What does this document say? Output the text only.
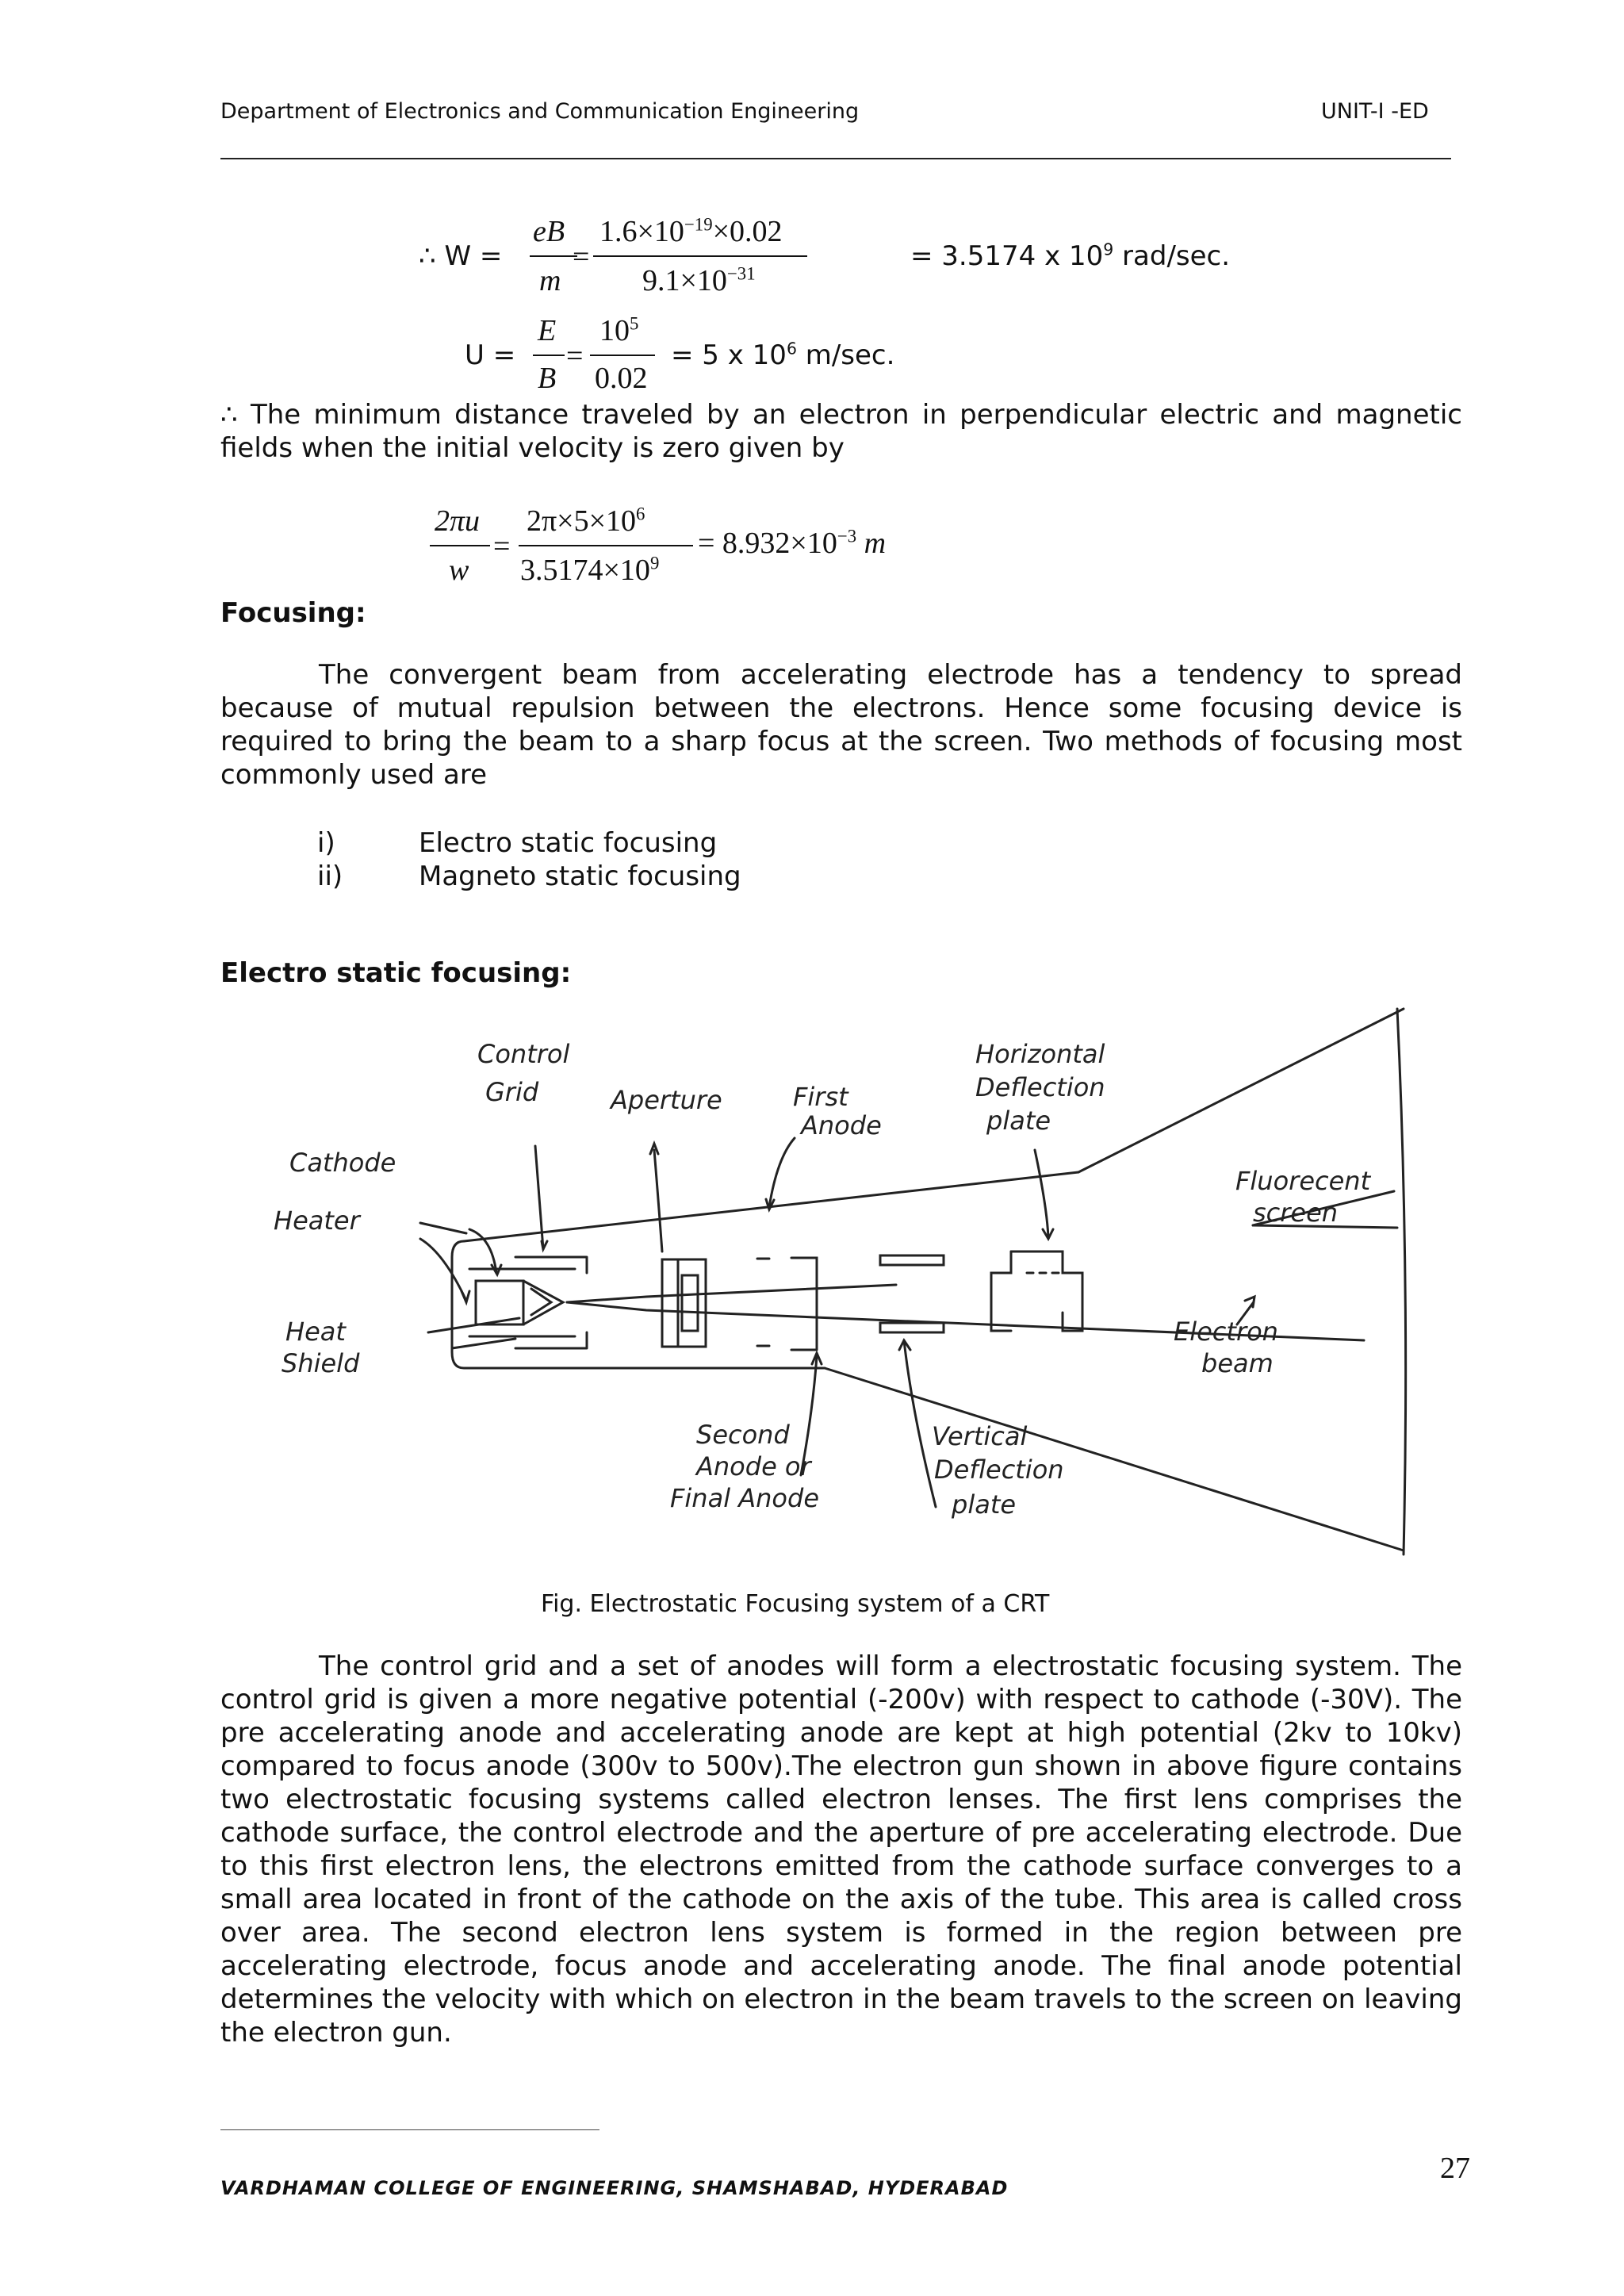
Department of Electronics and Communication Engineering	UNIT-I -ED
∴ W =
eB
m
=
$1.6\times 10^{-19}\times 0.02$
$9.1\times 10^{-31}$
= 3.5174 x $10^9$ rad/sec.
U =
E
B
=
$10^5$
0.02
= 5 x $10^6$ m/sec.
∴ The minimum distance traveled by an electron in perpendicular electric and magnetic fields when the initial velocity is zero given by
2πu
w
=
$2\pi\times 5\times 10^6$
$3.5174\times 10^9$
= $8.932\times 10^{-3}$ m
Focusing:
The convergent beam from accelerating electrode has a tendency to spread because of mutual repulsion between the electrons. Hence some focusing device is required to bring the beam to a sharp focus at the screen. Two methods of focusing most commonly used are
i)	Electro static focusing
ii)	Magneto static focusing
Electro static focusing:
Control
Grid	Aperture	First
Anode
Horizontal
Deflection
plate
Cathode
Heater
Heat
Shield
Fluorecent
screen
Electron
beam
Second
Anode or
Final Anode
Vertical
Deflection
plate
Fig. Electrostatic Focusing system of a CRT
The control grid and a set of anodes will form a electrostatic focusing system. The control grid is given a more negative potential (-200v) with respect to cathode (-30V). The pre accelerating anode and accelerating anode are kept at high potential (2kv to 10kv) compared to focus anode (300v to 500v).The electron gun shown in above figure contains two electrostatic focusing systems called electron lenses. The first lens comprises the cathode surface, the control electrode and the aperture of pre accelerating electrode. Due to this first electron lens, the electrons emitted from the cathode surface converges to a small area located in front of the cathode on the axis of the tube. This area is called cross over area. The second electron lens system is formed in the region between pre accelerating electrode, focus anode and accelerating anode. The final anode potential determines the velocity with which on electron in the beam travels to the screen on leaving the electron gun.
VARDHAMAN COLLEGE OF ENGINEERING, SHAMSHABAD, HYDERABAD
27
